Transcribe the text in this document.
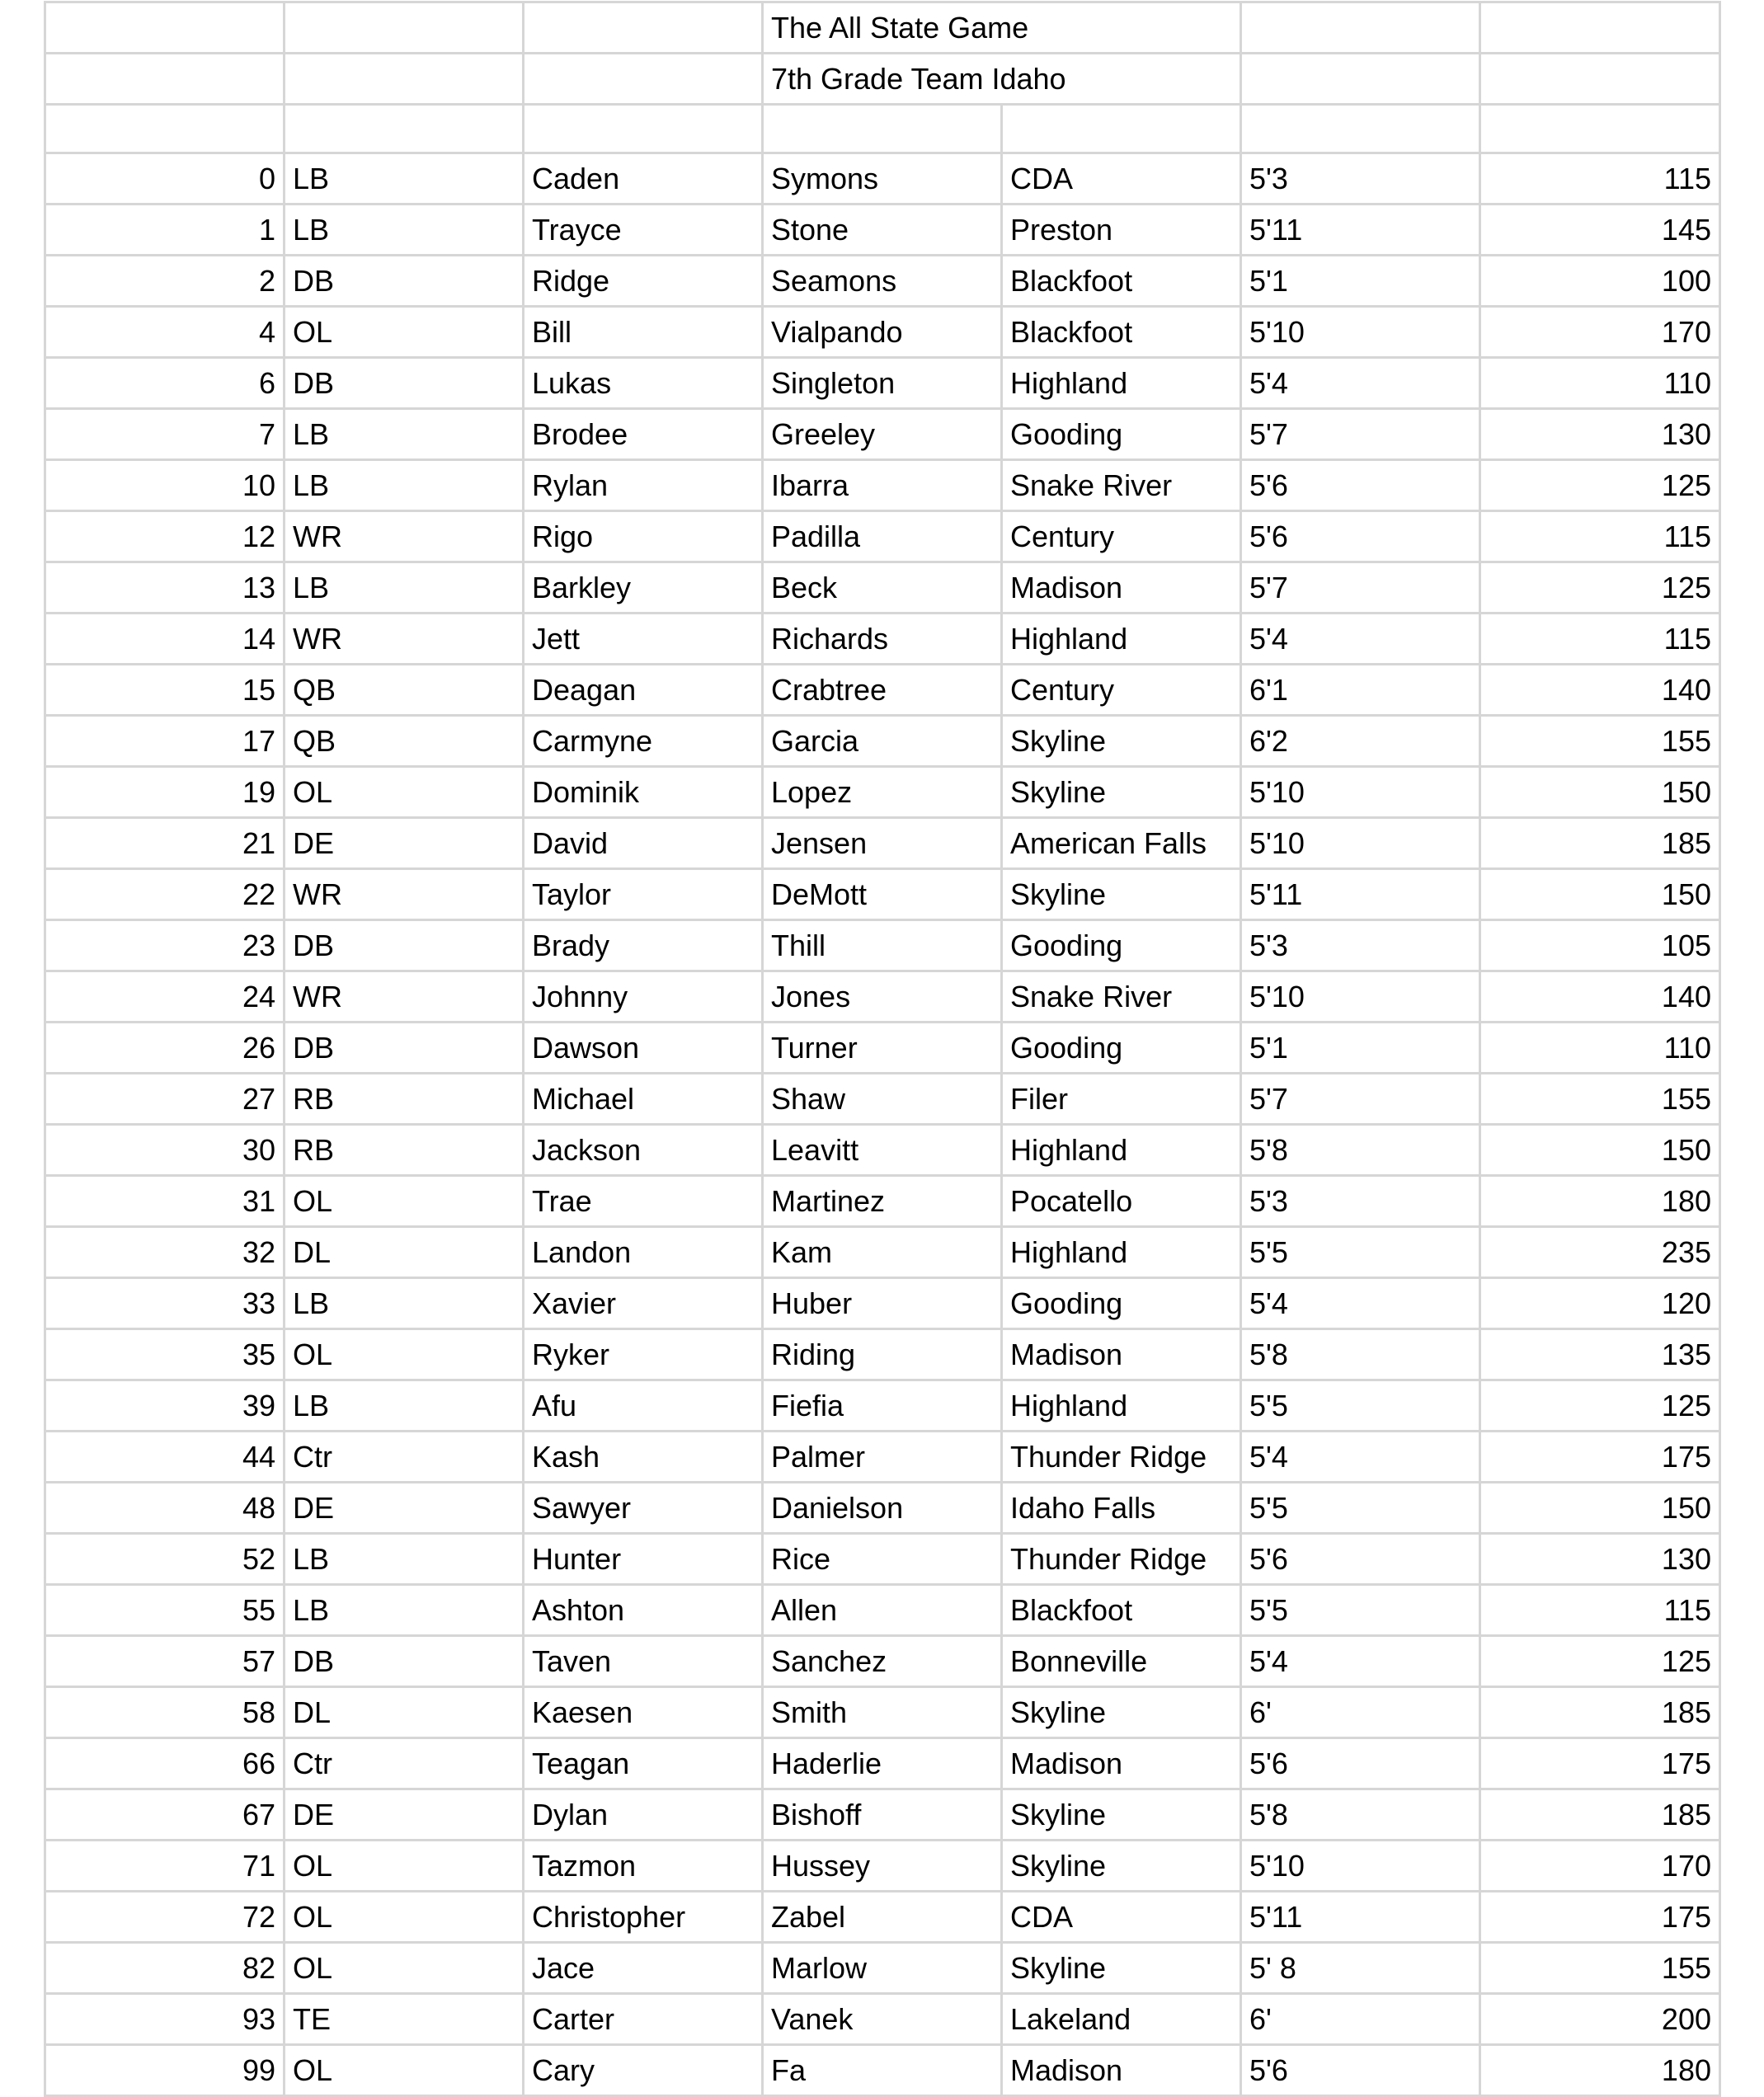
			The All State Game			
			7th Grade Team Idaho			

0	LB	Caden	Symons	CDA	5'3	115
1	LB	Trayce	Stone	Preston	5'11	145
2	DB	Ridge	Seamons	Blackfoot	5'1	100
4	OL	Bill	Vialpando	Blackfoot	5'10	170
6	DB	Lukas	Singleton	Highland	5'4	110
7	LB	Brodee	Greeley	Gooding	5'7	130
10	LB	Rylan	Ibarra	Snake River	5'6	125
12	WR	Rigo	Padilla	Century	5'6	115
13	LB	Barkley	Beck	Madison	5'7	125
14	WR	Jett	Richards	Highland	5'4	115
15	QB	Deagan	Crabtree	Century	6'1	140
17	QB	Carmyne	Garcia	Skyline	6'2	155
19	OL	Dominik	Lopez	Skyline	5'10	150
21	DE	David	Jensen	American Falls	5'10	185
22	WR	Taylor	DeMott	Skyline	5'11	150
23	DB	Brady	Thill	Gooding	5'3	105
24	WR	Johnny	Jones	Snake River	5'10	140
26	DB	Dawson	Turner	Gooding	5'1	110
27	RB	Michael	Shaw	Filer	5'7	155
30	RB	Jackson	Leavitt	Highland	5'8	150
31	OL	Trae	Martinez	Pocatello	5'3	180
32	DL	Landon	Kam	Highland	5'5	235
33	LB	Xavier	Huber	Gooding	5'4	120
35	OL	Ryker	Riding	Madison	5'8	135
39	LB	Afu	Fiefia	Highland	5'5	125
44	Ctr	Kash	Palmer	Thunder Ridge	5'4	175
48	DE	Sawyer	Danielson	Idaho Falls	5'5	150
52	LB	Hunter	Rice	Thunder Ridge	5'6	130
55	LB	Ashton	Allen	Blackfoot	5'5	115
57	DB	Taven	Sanchez	Bonneville	5'4	125
58	DL	Kaesen	Smith	Skyline	6'	185
66	Ctr	Teagan	Haderlie	Madison	5'6	175
67	DE	Dylan	Bishoff	Skyline	5'8	185
71	OL	Tazmon	Hussey	Skyline	5'10	170
72	OL	Christopher	Zabel	CDA	5'11	175
82	OL	Jace	Marlow	Skyline	5' 8	155
93	TE	Carter	Vanek	Lakeland	6'	200
99	OL	Cary	Fa	Madison	5'6	180
